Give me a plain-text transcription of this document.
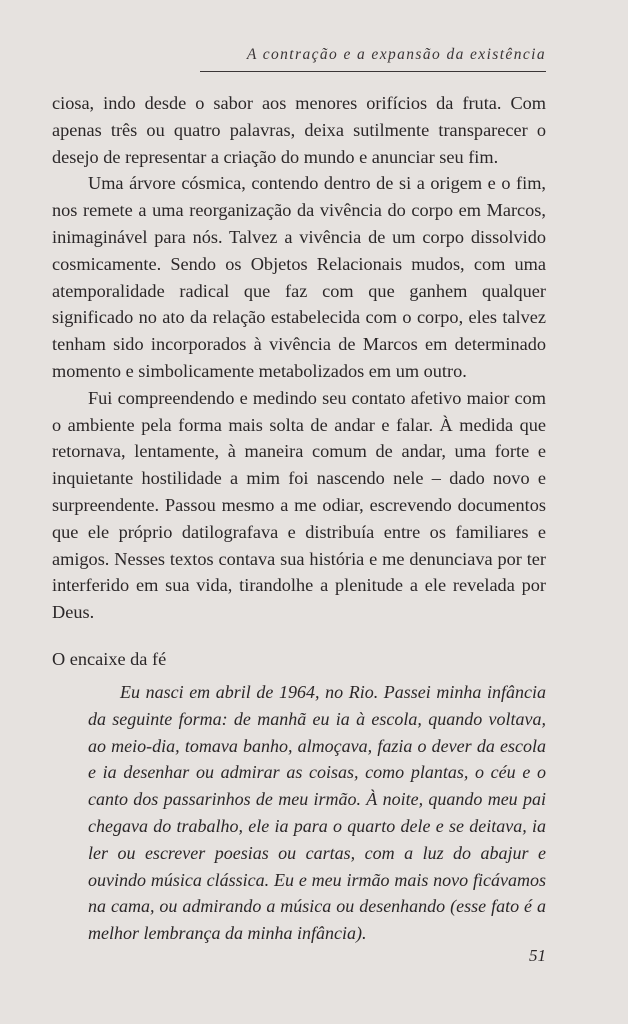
A contração e a expansão da existência

ciosa, indo desde o sabor aos menores orifícios da fruta. Com apenas três ou quatro palavras, deixa sutilmente transparecer o desejo de representar a criação do mundo e anunciar seu fim.

Uma árvore cósmica, contendo dentro de si a origem e o fim, nos remete a uma reorganização da vivência do corpo em Marcos, inimaginável para nós. Talvez a vivência de um corpo dissolvido cosmicamente. Sendo os Objetos Relacionais mudos, com uma atemporalidade radical que faz com que ganhem qualquer significado no ato da relação estabelecida com o corpo, eles talvez tenham sido incorporados à vivência de Marcos em determinado momento e simbolicamente metabolizados em um outro.

Fui compreendendo e medindo seu contato afetivo maior com o ambiente pela forma mais solta de andar e falar. À medida que retornava, lentamente, à maneira comum de andar, uma forte e inquietante hostilidade a mim foi nascendo nele – dado novo e surpreendente. Passou mesmo a me odiar, escrevendo documentos que ele próprio datilografava e distribuía entre os familiares e amigos. Nesses textos contava sua história e me denunciava por ter interferido em sua vida, tirandolhe a plenitude a ele revelada por Deus.

O encaixe da fé

Eu nasci em abril de 1964, no Rio. Passei minha infância da seguinte forma: de manhã eu ia à escola, quando voltava, ao meio-dia, tomava banho, almoçava, fazia o dever da escola e ia desenhar ou admirar as coisas, como plantas, o céu e o canto dos passarinhos de meu irmão. À noite, quando meu pai chegava do trabalho, ele ia para o quarto dele e se deitava, ia ler ou escrever poesias ou cartas, com a luz do abajur e ouvindo música clássica. Eu e meu irmão mais novo ficávamos na cama, ou admirando a música ou desenhando (esse fato é a melhor lembrança da minha infância).

51
